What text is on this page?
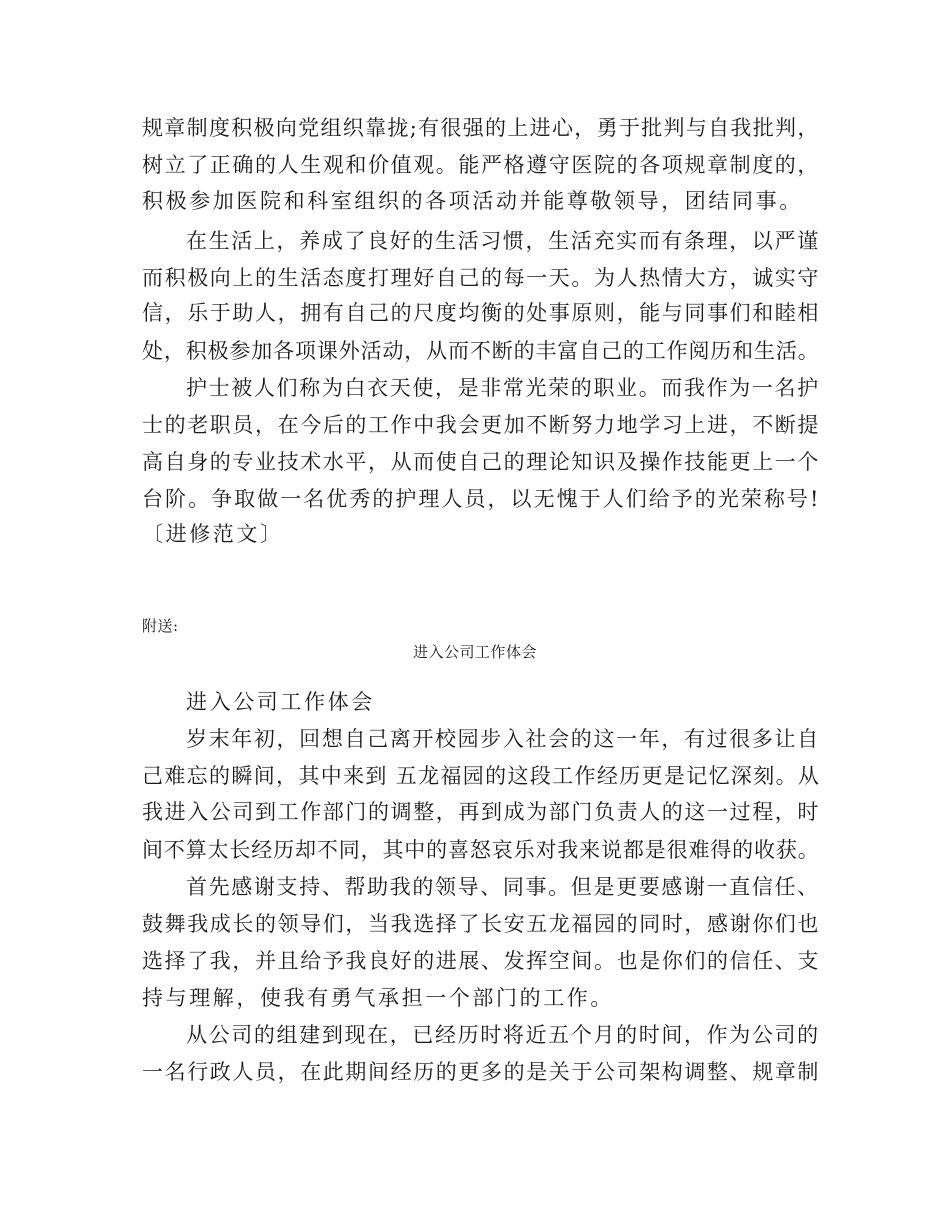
规章制度积极向党组织靠拢;有很强的上进心，勇于批判与自我批判，
树立了正确的人生观和价值观。能严格遵守医院的各项规章制度的，
积极参加医院和科室组织的各项活动并能尊敬领导，团结同事。
在生活上，养成了良好的生活习惯，生活充实而有条理，以严谨
而积极向上的生活态度打理好自己的每一天。为人热情大方，诚实守
信，乐于助人，拥有自己的尺度均衡的处事原则，能与同事们和睦相
处，积极参加各项课外活动，从而不断的丰富自己的工作阅历和生活。
护士被人们称为白衣天使，是非常光荣的职业。而我作为一名护
士的老职员，在今后的工作中我会更加不断努力地学习上进，不断提
高自身的专业技术水平，从而使自己的理论知识及操作技能更上一个
台阶。争取做一名优秀的护理人员，以无愧于人们给予的光荣称号!
〔进修范文〕
附送:
进入公司工作体会
进入公司工作体会
岁末年初，回想自己离开校园步入社会的这一年，有过很多让自
己难忘的瞬间，其中来到 五龙福园的这段工作经历更是记忆深刻。从
我进入公司到工作部门的调整，再到成为部门负责人的这一过程，时
间不算太长经历却不同，其中的喜怒哀乐对我来说都是很难得的收获。
首先感谢支持、帮助我的领导、同事。但是更要感谢一直信任、
鼓舞我成长的领导们，当我选择了长安五龙福园的同时，感谢你们也
选择了我，并且给予我良好的进展、发挥空间。也是你们的信任、支
持与理解，使我有勇气承担一个部门的工作。
从公司的组建到现在，已经历时将近五个月的时间，作为公司的
一名行政人员，在此期间经历的更多的是关于公司架构调整、规章制
